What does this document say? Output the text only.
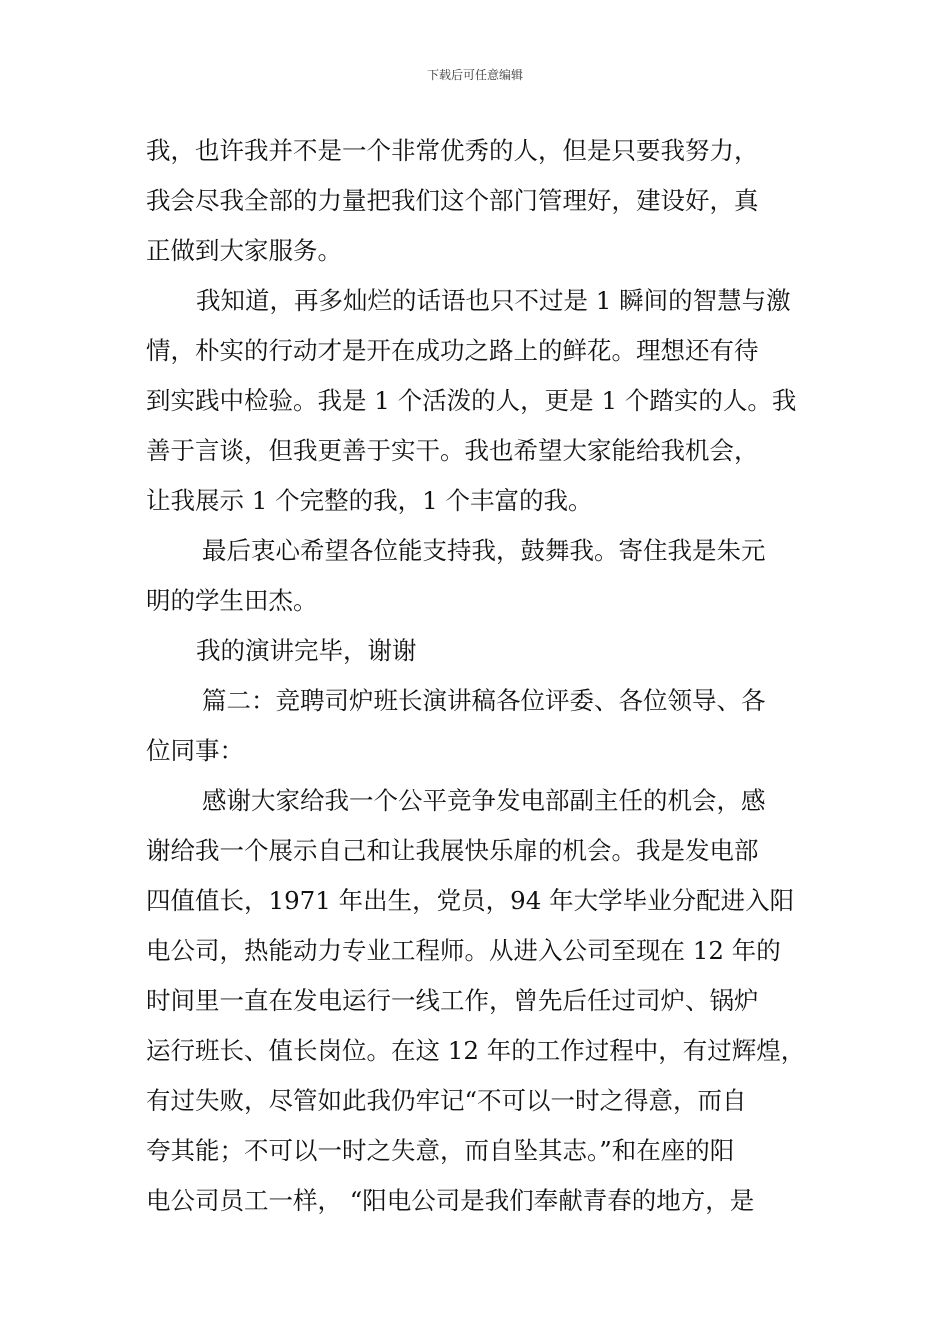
下载后可任意编辑
我，也许我并不是一个非常优秀的人，但是只要我努力，
我会尽我全部的力量把我们这个部门管理好，建设好，真
正做到大家服务。
我知道，再多灿烂的话语也只不过是 1 瞬间的智慧与激
情，朴实的行动才是开在成功之路上的鲜花。理想还有待
到实践中检验。我是 1 个活泼的人，更是 1 个踏实的人。我
善于言谈，但我更善于实干。我也希望大家能给我机会，
让我展示 1 个完整的我，1 个丰富的我。
最后衷心希望各位能支持我，鼓舞我。寄住我是朱元
明的学生田杰。
我的演讲完毕，谢谢
篇二：竞聘司炉班长演讲稿各位评委、各位领导、各
位同事：
感谢大家给我一个公平竞争发电部副主任的机会，感
谢给我一个展示自己和让我展快乐扉的机会。我是发电部
四值值长，1971 年出生，党员，94 年大学毕业分配进入阳
电公司，热能动力专业工程师。从进入公司至现在 12 年的
时间里一直在发电运行一线工作，曾先后任过司炉、锅炉
运行班长、值长岗位。在这 12 年的工作过程中，有过辉煌，
有过失败，尽管如此我仍牢记“不可以一时之得意，而自
夸其能；不可以一时之失意，而自坠其志。”和在座的阳
电公司员工一样， “阳电公司是我们奉献青春的地方，是
